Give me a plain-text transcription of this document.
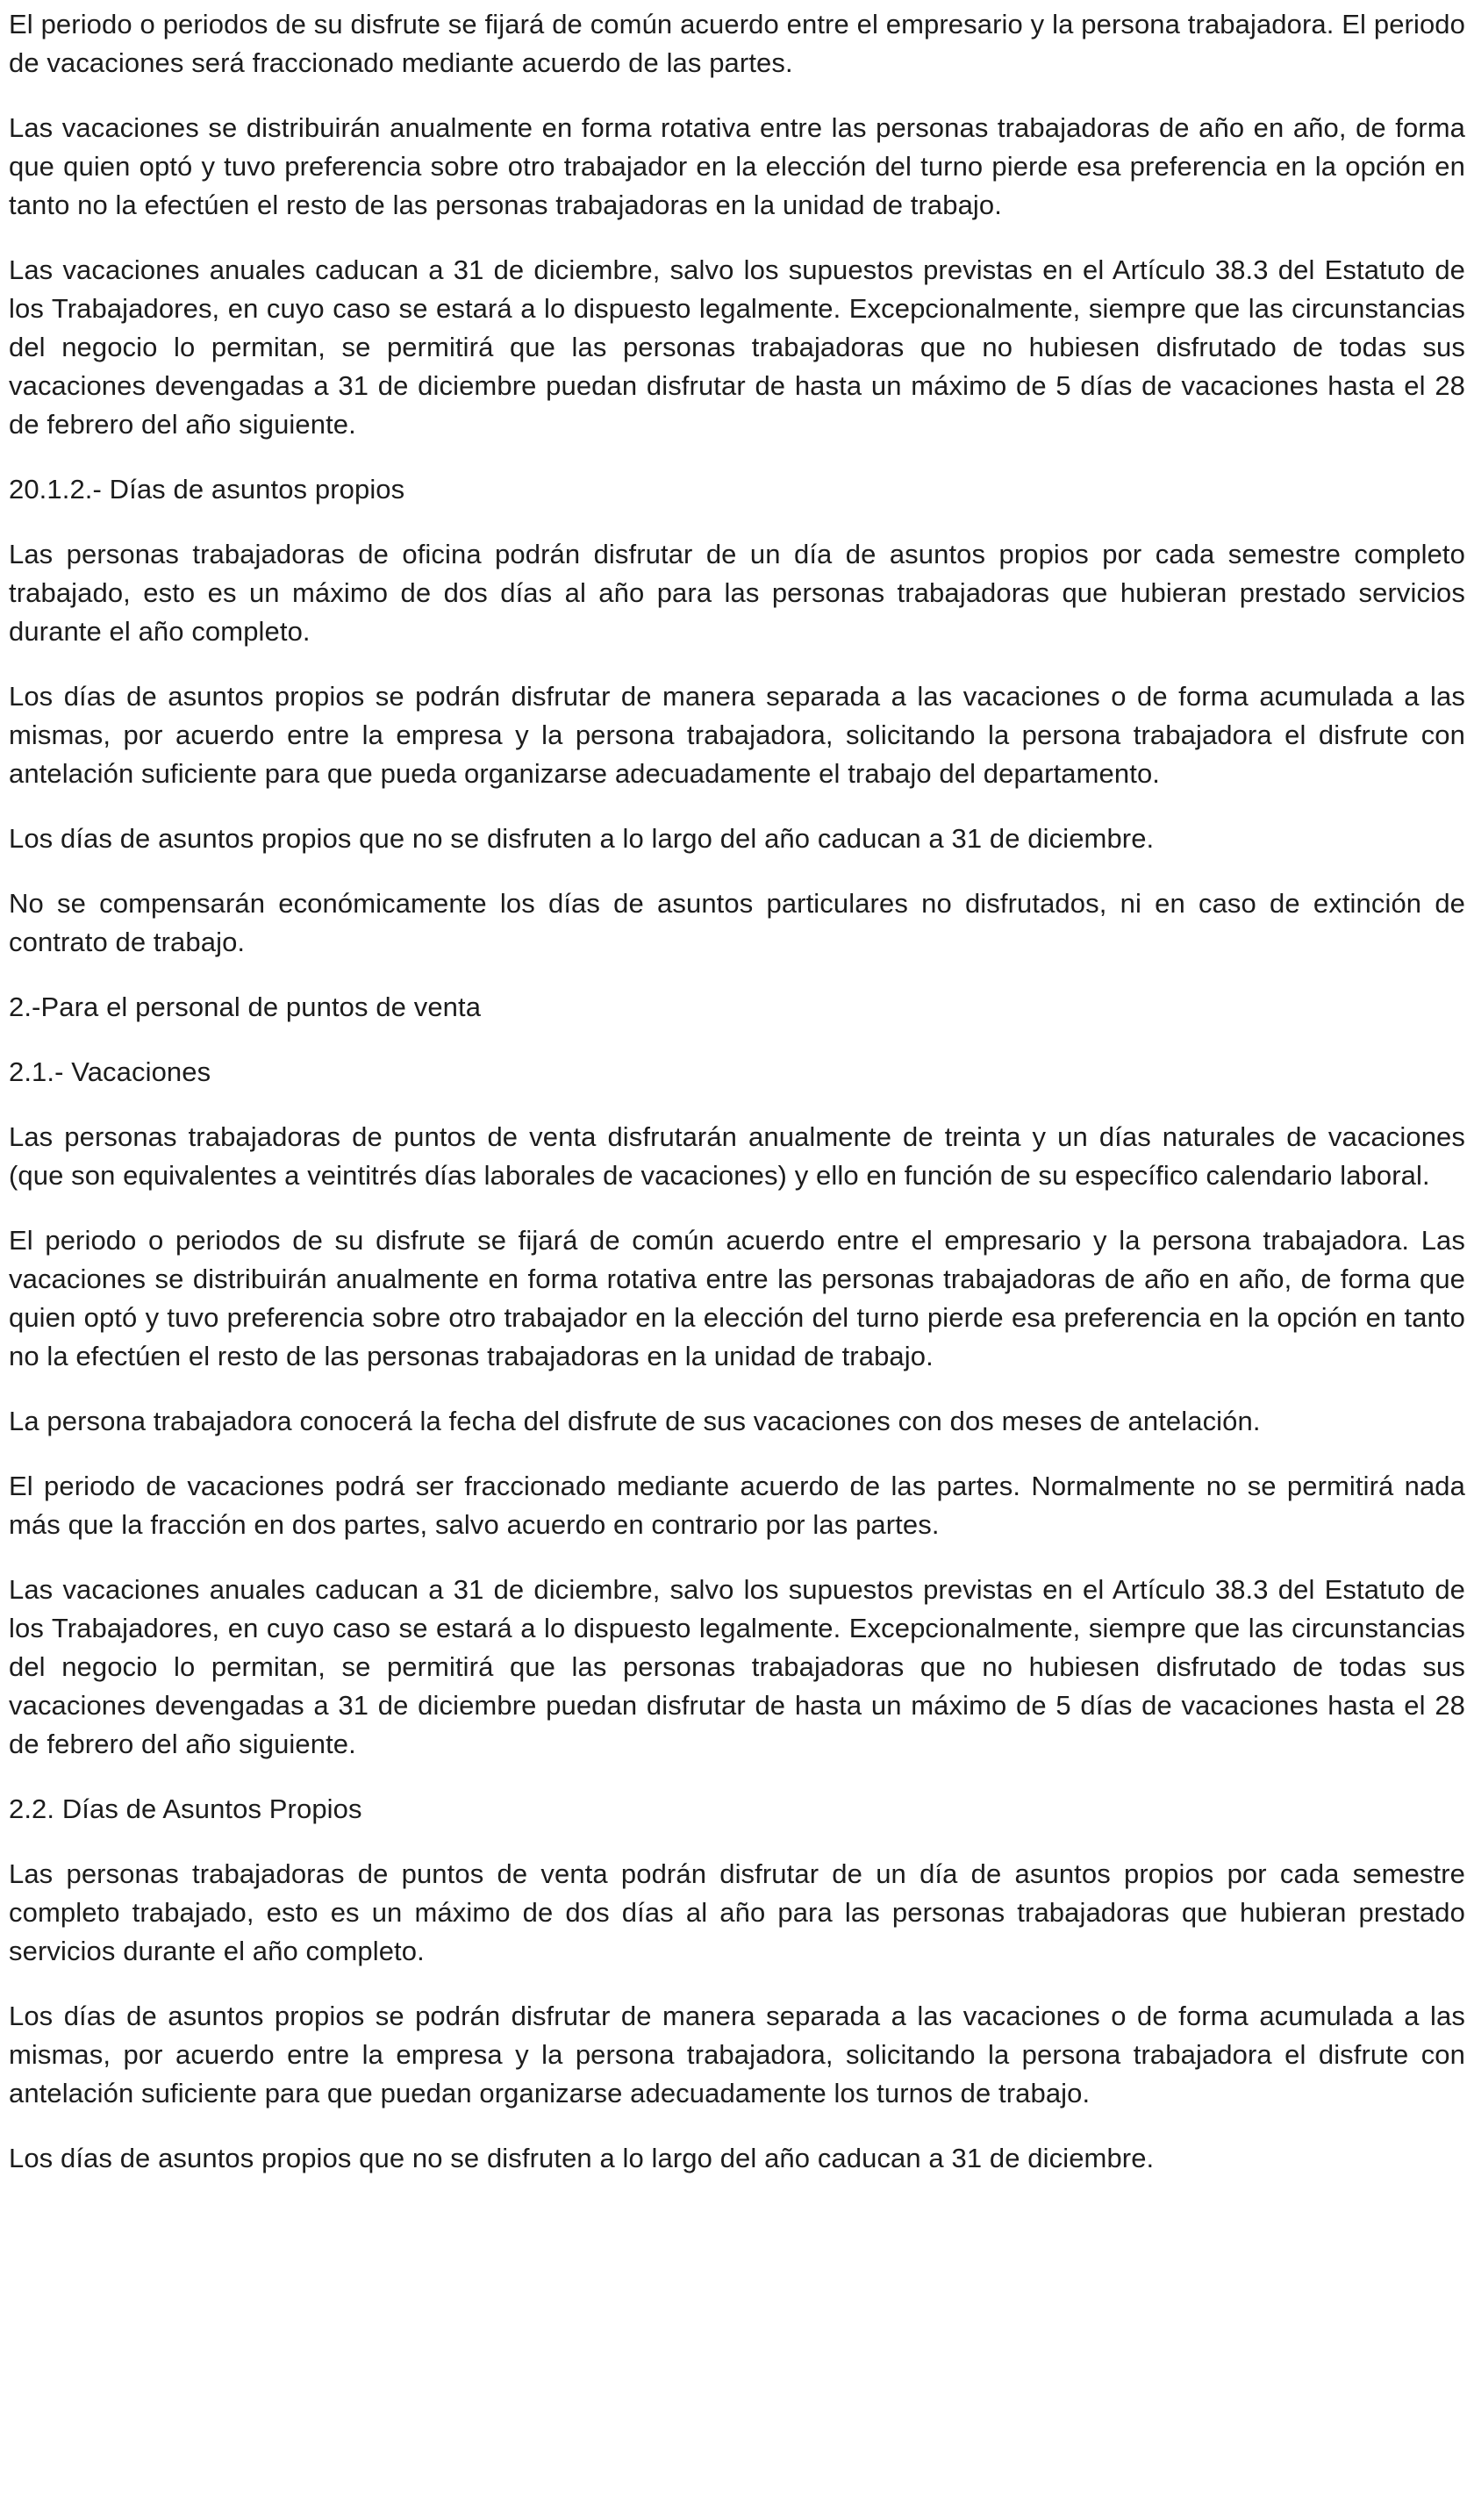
El periodo o periodos de su disfrute se fijará de común acuerdo entre el empresario y la persona trabajadora. El periodo de vacaciones será fraccionado mediante acuerdo de las partes.

Las vacaciones se distribuirán anualmente en forma rotativa entre las personas trabajadoras de año en año, de forma que quien optó y tuvo preferencia sobre otro trabajador en la elección del turno pierde esa preferencia en la opción en tanto no la efectúen el resto de las personas trabajadoras en la unidad de trabajo.

Las vacaciones anuales caducan a 31 de diciembre, salvo los supuestos previstas en el Artículo 38.3 del Estatuto de los Trabajadores, en cuyo caso se estará a lo dispuesto legalmente. Excepcionalmente, siempre que las circunstancias del negocio lo permitan, se permitirá que las personas trabajadoras que no hubiesen disfrutado de todas sus vacaciones devengadas a 31 de diciembre puedan disfrutar de hasta un máximo de 5 días de vacaciones hasta el 28 de febrero del año siguiente.

20.1.2.- Días de asuntos propios

Las personas trabajadoras de oficina podrán disfrutar de un día de asuntos propios por cada semestre completo trabajado, esto es un máximo de dos días al año para las personas trabajadoras que hubieran prestado servicios durante el año completo.

Los días de asuntos propios se podrán disfrutar de manera separada a las vacaciones o de forma acumulada a las mismas, por acuerdo entre la empresa y la persona trabajadora, solicitando la persona trabajadora el disfrute con antelación suficiente para que pueda organizarse adecuadamente el trabajo del departamento.

Los días de asuntos propios que no se disfruten a lo largo del año caducan a 31 de diciembre.

No se compensarán económicamente los días de asuntos particulares no disfrutados, ni en caso de extinción de contrato de trabajo.

2.-Para el personal de puntos de venta

2.1.- Vacaciones

Las personas trabajadoras de puntos de venta disfrutarán anualmente de treinta y un días naturales de vacaciones (que son equivalentes a veintitrés días laborales de vacaciones) y ello en función de su específico calendario laboral.

El periodo o periodos de su disfrute se fijará de común acuerdo entre el empresario y la persona trabajadora. Las vacaciones se distribuirán anualmente en forma rotativa entre las personas trabajadoras de año en año, de forma que quien optó y tuvo preferencia sobre otro trabajador en la elección del turno pierde esa preferencia en la opción en tanto no la efectúen el resto de las personas trabajadoras en la unidad de trabajo.

La persona trabajadora conocerá la fecha del disfrute de sus vacaciones con dos meses de antelación.

El periodo de vacaciones podrá ser fraccionado mediante acuerdo de las partes. Normalmente no se permitirá nada más que la fracción en dos partes, salvo acuerdo en contrario por las partes.

Las vacaciones anuales caducan a 31 de diciembre, salvo los supuestos previstas en el Artículo 38.3 del Estatuto de los Trabajadores, en cuyo caso se estará a lo dispuesto legalmente. Excepcionalmente, siempre que las circunstancias del negocio lo permitan, se permitirá que las personas trabajadoras que no hubiesen disfrutado de todas sus vacaciones devengadas a 31 de diciembre puedan disfrutar de hasta un máximo de 5 días de vacaciones hasta el 28 de febrero del año siguiente.

2.2. Días de Asuntos Propios

Las personas trabajadoras de puntos de venta podrán disfrutar de un día de asuntos propios por cada semestre completo trabajado, esto es un máximo de dos días al año para las personas trabajadoras que hubieran prestado servicios durante el año completo.

Los días de asuntos propios se podrán disfrutar de manera separada a las vacaciones o de forma acumulada a las mismas, por acuerdo entre la empresa y la persona trabajadora, solicitando la persona trabajadora el disfrute con antelación suficiente para que puedan organizarse adecuadamente los turnos de trabajo.

Los días de asuntos propios que no se disfruten a lo largo del año caducan a 31 de diciembre.
